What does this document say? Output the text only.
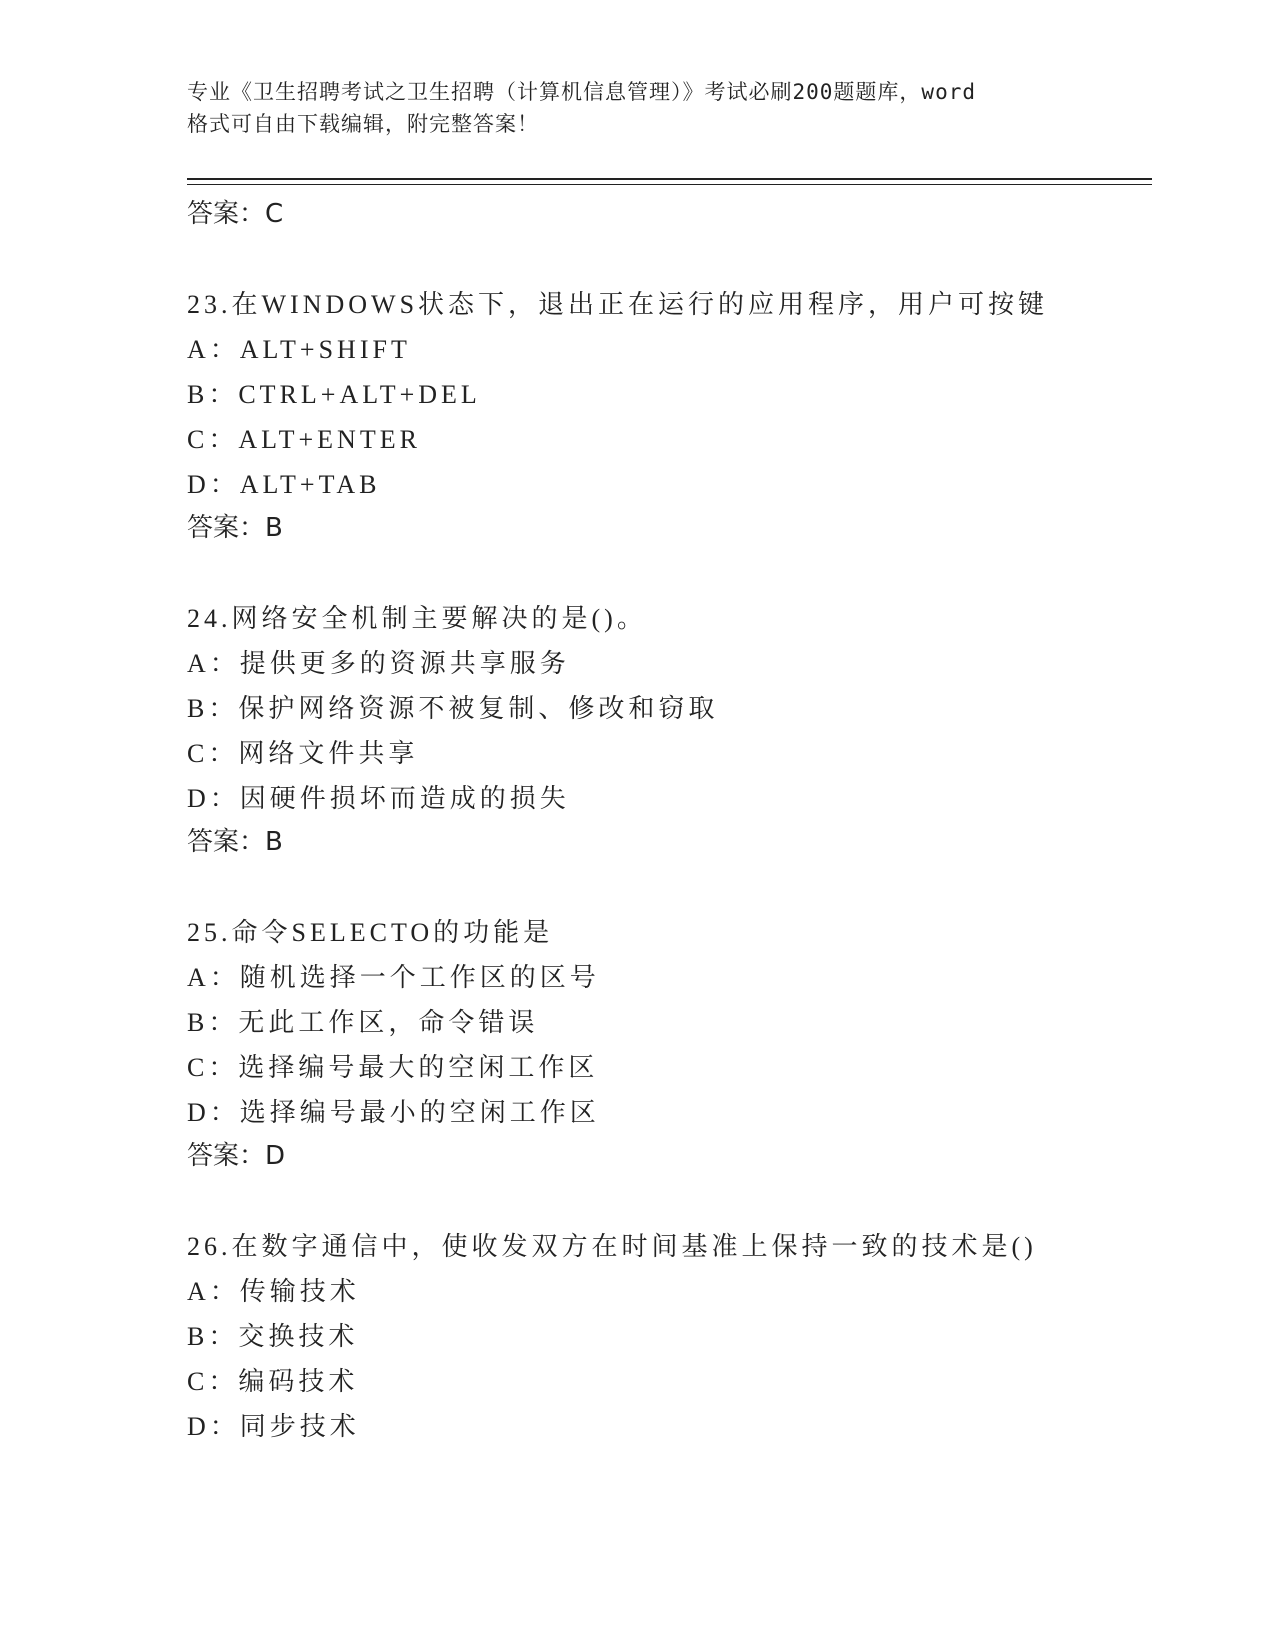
专业《卫生招聘考试之卫生招聘（计算机信息管理）》考试必刷200题题库，word
格式可自由下载编辑，附完整答案！
答案：C
23.在WINDOWS状态下，退出正在运行的应用程序，用户可按键
A：ALT+SHIFT
B：CTRL+ALT+DEL
C：ALT+ENTER
D：ALT+TAB
答案：B
24.网络安全机制主要解决的是()。
A：提供更多的资源共享服务
B：保护网络资源不被复制、修改和窃取
C：网络文件共享
D：因硬件损坏而造成的损失
答案：B
25.命令SELECTO的功能是
A：随机选择一个工作区的区号
B：无此工作区，命令错误
C：选择编号最大的空闲工作区
D：选择编号最小的空闲工作区
答案：D
26.在数字通信中，使收发双方在时间基准上保持一致的技术是()
A：传输技术
B：交换技术
C：编码技术
D：同步技术
